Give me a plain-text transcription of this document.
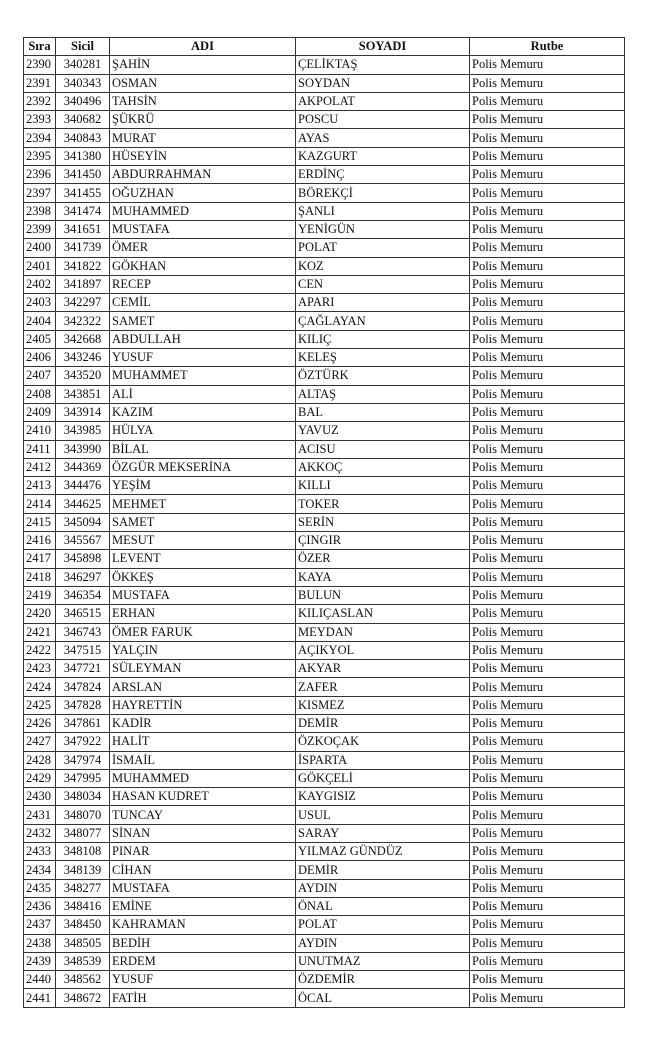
Sıra	Sicil	ADI	SOYADI	Rutbe
2390	340281	ŞAHİN	ÇELİKTAŞ	Polis Memuru
2391	340343	OSMAN	SOYDAN	Polis Memuru
2392	340496	TAHSİN	AKPOLAT	Polis Memuru
2393	340682	ŞÜKRÜ	POSCU	Polis Memuru
2394	340843	MURAT	AYAS	Polis Memuru
2395	341380	HÜSEYİN	KAZGURT	Polis Memuru
2396	341450	ABDURRAHMAN	ERDİNÇ	Polis Memuru
2397	341455	OĞUZHAN	BÖREKÇİ	Polis Memuru
2398	341474	MUHAMMED	ŞANLI	Polis Memuru
2399	341651	MUSTAFA	YENİGÜN	Polis Memuru
2400	341739	ÖMER	POLAT	Polis Memuru
2401	341822	GÖKHAN	KOZ	Polis Memuru
2402	341897	RECEP	CEN	Polis Memuru
2403	342297	CEMİL	APARI	Polis Memuru
2404	342322	SAMET	ÇAĞLAYAN	Polis Memuru
2405	342668	ABDULLAH	KILIÇ	Polis Memuru
2406	343246	YUSUF	KELEŞ	Polis Memuru
2407	343520	MUHAMMET	ÖZTÜRK	Polis Memuru
2408	343851	ALİ	ALTAŞ	Polis Memuru
2409	343914	KAZIM	BAL	Polis Memuru
2410	343985	HÜLYA	YAVUZ	Polis Memuru
2411	343990	BİLAL	ACISU	Polis Memuru
2412	344369	ÖZGÜR MEKSERİNA	AKKOÇ	Polis Memuru
2413	344476	YEŞİM	KILLI	Polis Memuru
2414	344625	MEHMET	TOKER	Polis Memuru
2415	345094	SAMET	SERİN	Polis Memuru
2416	345567	MESUT	ÇINGIR	Polis Memuru
2417	345898	LEVENT	ÖZER	Polis Memuru
2418	346297	ÖKKEŞ	KAYA	Polis Memuru
2419	346354	MUSTAFA	BULUN	Polis Memuru
2420	346515	ERHAN	KILIÇASLAN	Polis Memuru
2421	346743	ÖMER FARUK	MEYDAN	Polis Memuru
2422	347515	YALÇIN	AÇIKYOL	Polis Memuru
2423	347721	SÜLEYMAN	AKYAR	Polis Memuru
2424	347824	ARSLAN	ZAFER	Polis Memuru
2425	347828	HAYRETTİN	KISMEZ	Polis Memuru
2426	347861	KADİR	DEMİR	Polis Memuru
2427	347922	HALİT	ÖZKOÇAK	Polis Memuru
2428	347974	İSMAİL	İSPARTA	Polis Memuru
2429	347995	MUHAMMED	GÖKÇELİ	Polis Memuru
2430	348034	HASAN KUDRET	KAYGISIZ	Polis Memuru
2431	348070	TUNCAY	USUL	Polis Memuru
2432	348077	SİNAN	SARAY	Polis Memuru
2433	348108	PINAR	YILMAZ GÜNDÜZ	Polis Memuru
2434	348139	CİHAN	DEMİR	Polis Memuru
2435	348277	MUSTAFA	AYDIN	Polis Memuru
2436	348416	EMİNE	ÖNAL	Polis Memuru
2437	348450	KAHRAMAN	POLAT	Polis Memuru
2438	348505	BEDİH	AYDIN	Polis Memuru
2439	348539	ERDEM	UNUTMAZ	Polis Memuru
2440	348562	YUSUF	ÖZDEMİR	Polis Memuru
2441	348672	FATİH	ÖCAL	Polis Memuru
